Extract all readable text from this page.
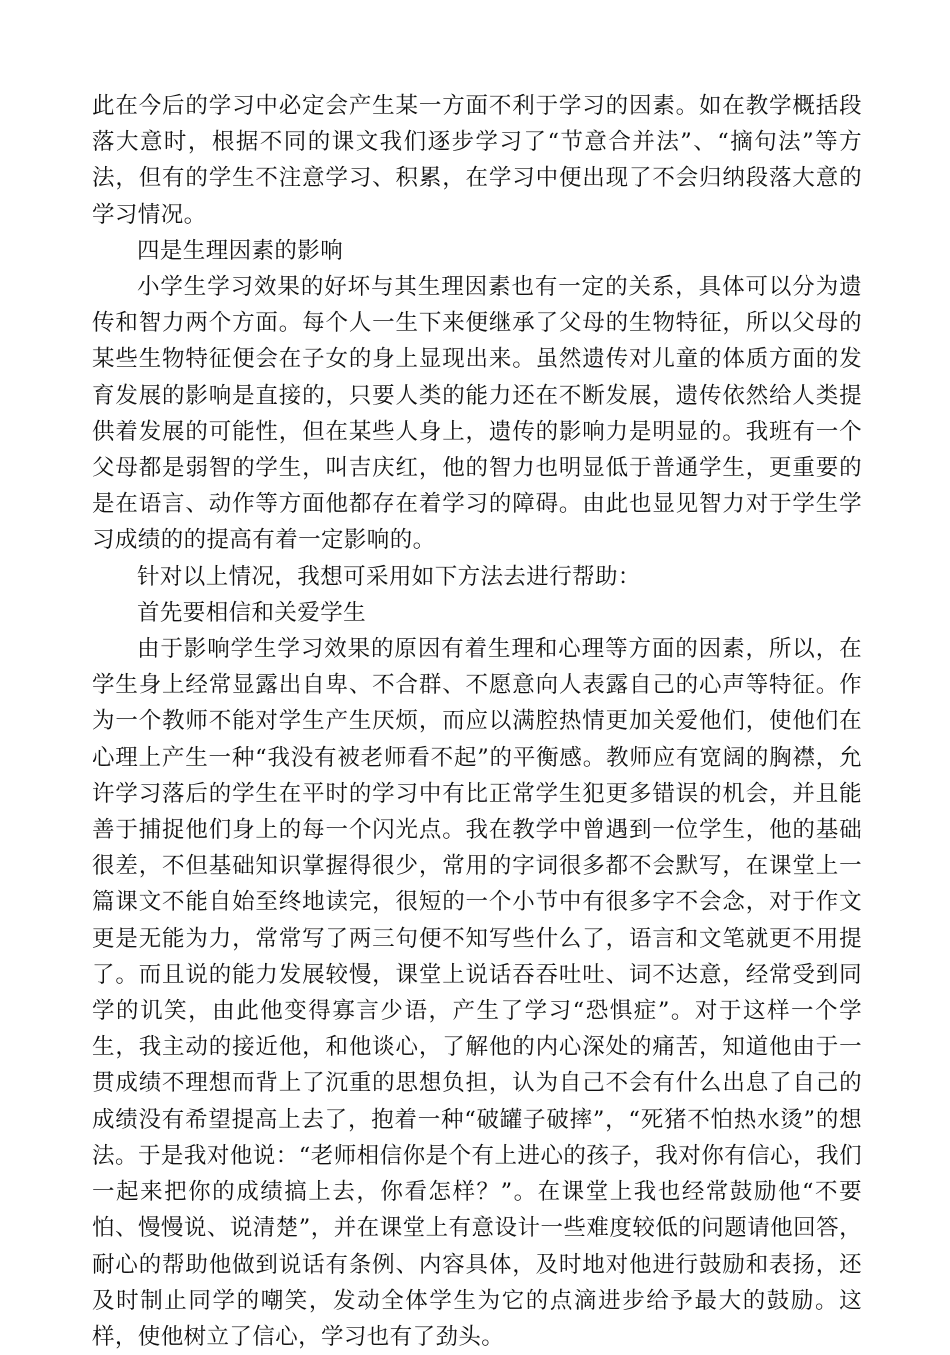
此在今后的学习中必定会产生某一方面不利于学习的因素。如在教学概括段落大意时，根据不同的课文我们逐步学习了“节意合并法”、“摘句法”等方法，但有的学生不注意学习、积累，在学习中便出现了不会归纳段落大意的学习情况。

四是生理因素的影响

小学生学习效果的好坏与其生理因素也有一定的关系，具体可以分为遗传和智力两个方面。每个人一生下来便继承了父母的生物特征，所以父母的某些生物特征便会在子女的身上显现出来。虽然遗传对儿童的体质方面的发育发展的影响是直接的，只要人类的能力还在不断发展，遗传依然给人类提供着发展的可能性，但在某些人身上，遗传的影响力是明显的。我班有一个父母都是弱智的学生，叫吉庆红，他的智力也明显低于普通学生，更重要的是在语言、动作等方面他都存在着学习的障碍。由此也显见智力对于学生学习成绩的的提高有着一定影响的。

针对以上情况，我想可采用如下方法去进行帮助：

首先要相信和关爱学生

由于影响学生学习效果的原因有着生理和心理等方面的因素，所以，在学生身上经常显露出自卑、不合群、不愿意向人表露自己的心声等特征。作为一个教师不能对学生产生厌烦，而应以满腔热情更加关爱他们，使他们在心理上产生一种“我没有被老师看不起”的平衡感。教师应有宽阔的胸襟，允许学习落后的学生在平时的学习中有比正常学生犯更多错误的机会，并且能善于捕捉他们身上的每一个闪光点。我在教学中曾遇到一位学生，他的基础很差，不但基础知识掌握得很少，常用的字词很多都不会默写，在课堂上一篇课文不能自始至终地读完，很短的一个小节中有很多字不会念，对于作文更是无能为力，常常写了两三句便不知写些什么了，语言和文笔就更不用提了。而且说的能力发展较慢，课堂上说话吞吞吐吐、词不达意，经常受到同学的讥笑，由此他变得寡言少语，产生了学习“恐惧症”。对于这样一个学生，我主动的接近他，和他谈心，了解他的内心深处的痛苦，知道他由于一贯成绩不理想而背上了沉重的思想负担，认为自己不会有什么出息了自己的成绩没有希望提高上去了，抱着一种“破罐子破摔”，“死猪不怕热水烫”的想法。于是我对他说：“老师相信你是个有上进心的孩子，我对你有信心，我们一起来把你的成绩搞上去，你看怎样？”。在课堂上我也经常鼓励他“不要怕、慢慢说、说清楚”，并在课堂上有意设计一些难度较低的问题请他回答，耐心的帮助他做到说话有条例、内容具体，及时地对他进行鼓励和表扬，还及时制止同学的嘲笑，发动全体学生为它的点滴进步给予最大的鼓励。这样，使他树立了信心，学习也有了劲头。
